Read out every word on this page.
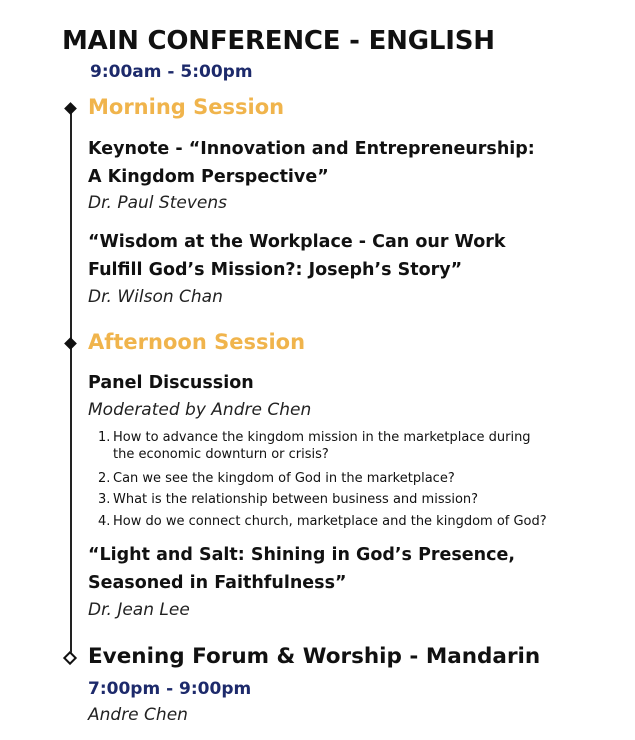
MAIN CONFERENCE - ENGLISH
9:00am - 5:00pm
Morning Session
Keynote - “Innovation and Entrepreneurship:
A Kingdom Perspective”
Dr. Paul Stevens
“Wisdom at the Workplace - Can our Work
Fulfill God’s Mission?: Joseph’s Story”
Dr. Wilson Chan
Afternoon Session
Panel Discussion
Moderated by Andre Chen
1. How to advance the kingdom mission in the marketplace during
the economic downturn or crisis?
2. Can we see the kingdom of God in the marketplace?
3. What is the relationship between business and mission?
4. How do we connect church, marketplace and the kingdom of God?
“Light and Salt: Shining in God’s Presence,
Seasoned in Faithfulness”
Dr. Jean Lee
Evening Forum & Worship - Mandarin
7:00pm - 9:00pm
Andre Chen
